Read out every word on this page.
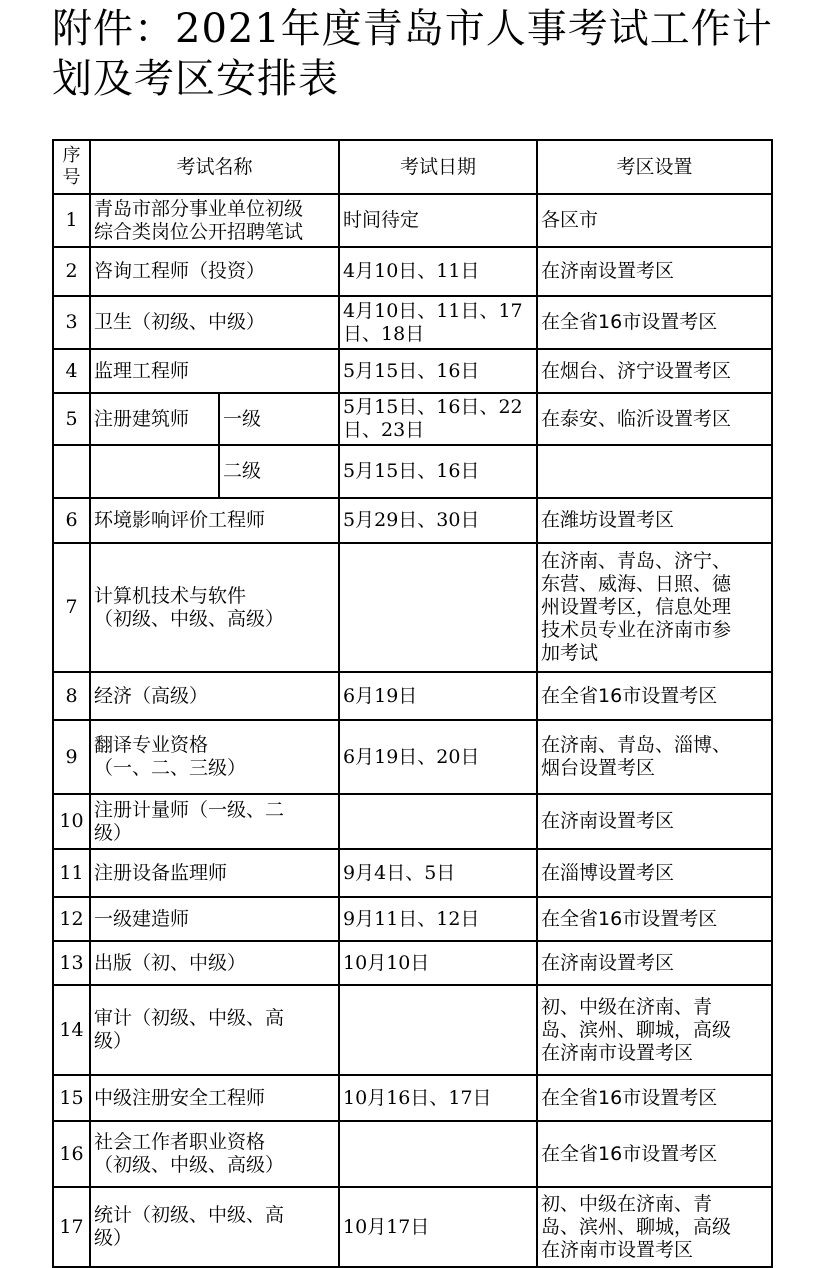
附件：2021年度青岛市人事考试工作计划及考区安排表
序号	考试名称		考试日期	考区设置
1	青岛市部分事业单位初级
综合类岗位公开招聘笔试		时间待定	各区市
2	咨询工程师（投资）		4月10日、11日	在济南设置考区
3	卫生（初级、中级）		4月10日、11日、17
日、18日	在全省16市设置考区
4	监理工程师		5月15日、16日	在烟台、济宁设置考区
5	注册建筑师	一级	5月15日、16日、22
日、23日	在泰安、临沂设置考区
		二级	5月15日、16日	
6	环境影响评价工程师		5月29日、30日	在潍坊设置考区
7	计算机技术与软件
（初级、中级、高级）			在济南、青岛、济宁、
东营、威海、日照、德
州设置考区，信息处理
技术员专业在济南市参
加考试
8	经济（高级）		6月19日	在全省16市设置考区
9	翻译专业资格
（一、二、三级）		6月19日、20日	在济南、青岛、淄博、
烟台设置考区
10	注册计量师（一级、二
级）			在济南设置考区
11	注册设备监理师		9月4日、5日	在淄博设置考区
12	一级建造师		9月11日、12日	在全省16市设置考区
13	出版（初、中级）		10月10日	在济南设置考区
14	审计（初级、中级、高
级）			初、中级在济南、青
岛、滨州、聊城，高级
在济南市设置考区
15	中级注册安全工程师		10月16日、17日	在全省16市设置考区
16	社会工作者职业资格
（初级、中级、高级）			在全省16市设置考区
17	统计（初级、中级、高
级）		10月17日	初、中级在济南、青
岛、滨州、聊城，高级
在济南市设置考区
